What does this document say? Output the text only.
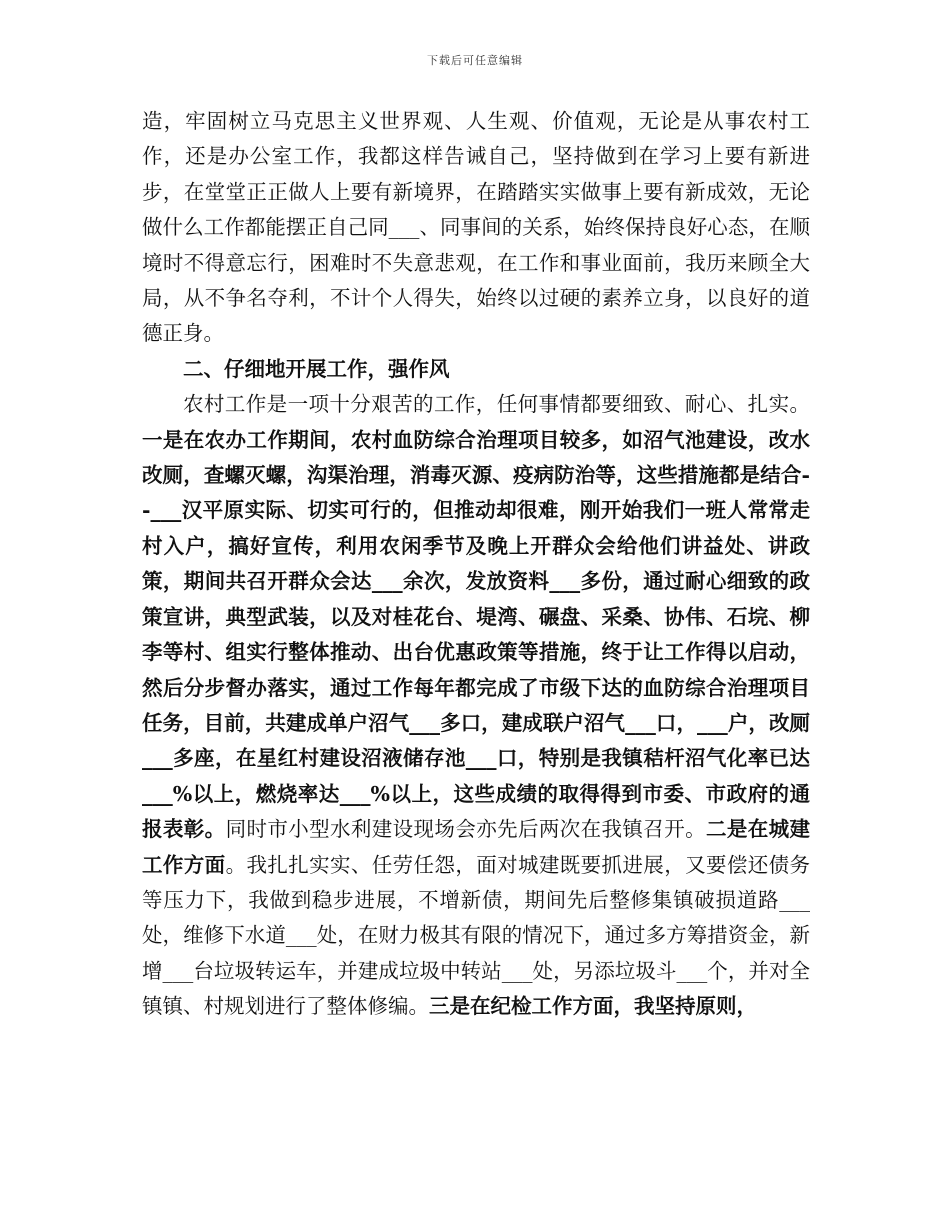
下载后可任意编辑

造，牢固树立马克思主义世界观、人生观、价值观，无论是从事农村工作，还是办公室工作，我都这样告诫自己，坚持做到在学习上要有新进步，在堂堂正正做人上要有新境界，在踏踏实实做事上要有新成效，无论做什么工作都能摆正自己同___、同事间的关系，始终保持良好心态，在顺境时不得意忘行，困难时不失意悲观，在工作和事业面前，我历来顾全大局，从不争名夺利，不计个人得失，始终以过硬的素养立身，以良好的道德正身。

二、仔细地开展工作，强作风

农村工作是一项十分艰苦的工作，任何事情都要细致、耐心、扎实。一是在农办工作期间，农村血防综合治理项目较多，如沼气池建设，改水改厕，查螺灭螺，沟渠治理，消毒灭源、疫病防治等，这些措施都是结合--___汉平原实际、切实可行的，但推动却很难，刚开始我们一班人常常走村入户，搞好宣传，利用农闲季节及晚上开群众会给他们讲益处、讲政策，期间共召开群众会达___余次，发放资料___多份，通过耐心细致的政策宣讲，典型武装，以及对桂花台、堤湾、碾盘、采桑、协伟、石垸、柳李等村、组实行整体推动、出台优惠政策等措施，终于让工作得以启动，然后分步督办落实，通过工作每年都完成了市级下达的血防综合治理项目任务，目前，共建成单户沼气___多口，建成联户沼气___口，___户，改厕___多座，在星红村建设沼液储存池___口，特别是我镇秸杆沼气化率已达___%以上，燃烧率达___%以上，这些成绩的取得得到市委、市政府的通报表彰。同时市小型水利建设现场会亦先后两次在我镇召开。二是在城建工作方面。我扎扎实实、任劳任怨，面对城建既要抓进展，又要偿还债务等压力下，我做到稳步进展，不增新债，期间先后整修集镇破损道路___处，维修下水道___处，在财力极其有限的情况下，通过多方筹措资金，新增___台垃圾转运车，并建成垃圾中转站___处，另添垃圾斗___个，并对全镇镇、村规划进行了整体修编。三是在纪检工作方面，我坚持原则，
